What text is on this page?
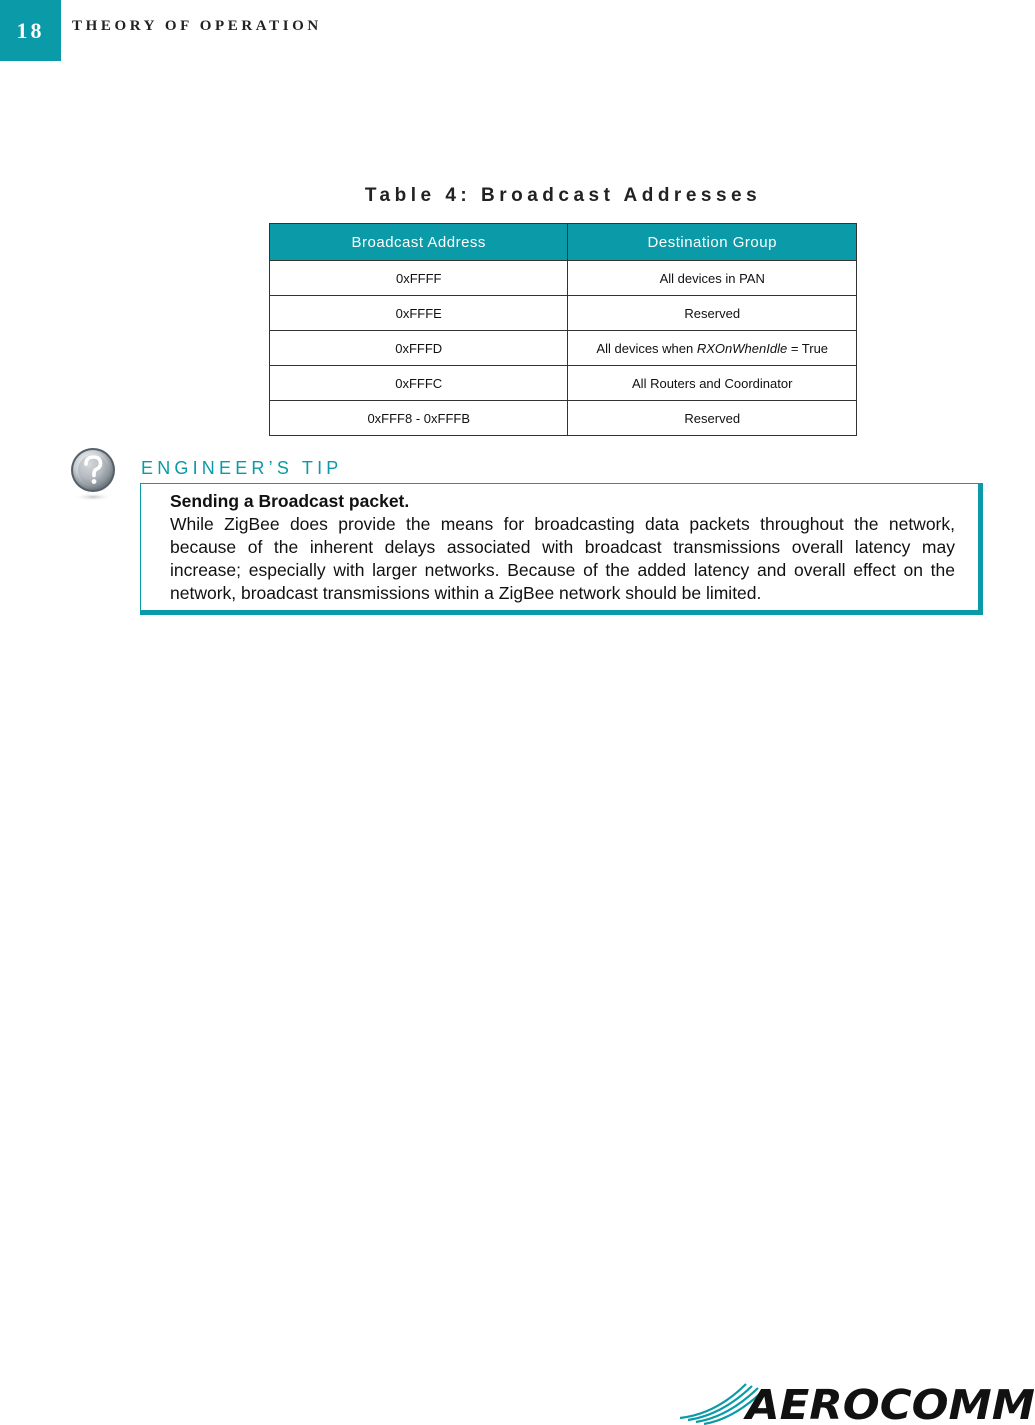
18	THEORY OF OPERATION
Table 4: Broadcast Addresses
Broadcast Address	Destination Group
0xFFFF	All devices in PAN
0xFFFE	Reserved
0xFFFD	All devices when RXOnWhenIdle = True
0xFFFC	All Routers and Coordinator
0xFFF8 - 0xFFFB	Reserved
ENGINEER’S TIP
Sending a Broadcast packet.
While ZigBee does provide the means for broadcasting data packets throughout the network, because of the inherent delays associated with broadcast transmissions overall latency may increase; especially with larger networks. Because of the added latency and overall effect on the network, broadcast transmissions within a ZigBee network should be limited.
AEROCOMM
